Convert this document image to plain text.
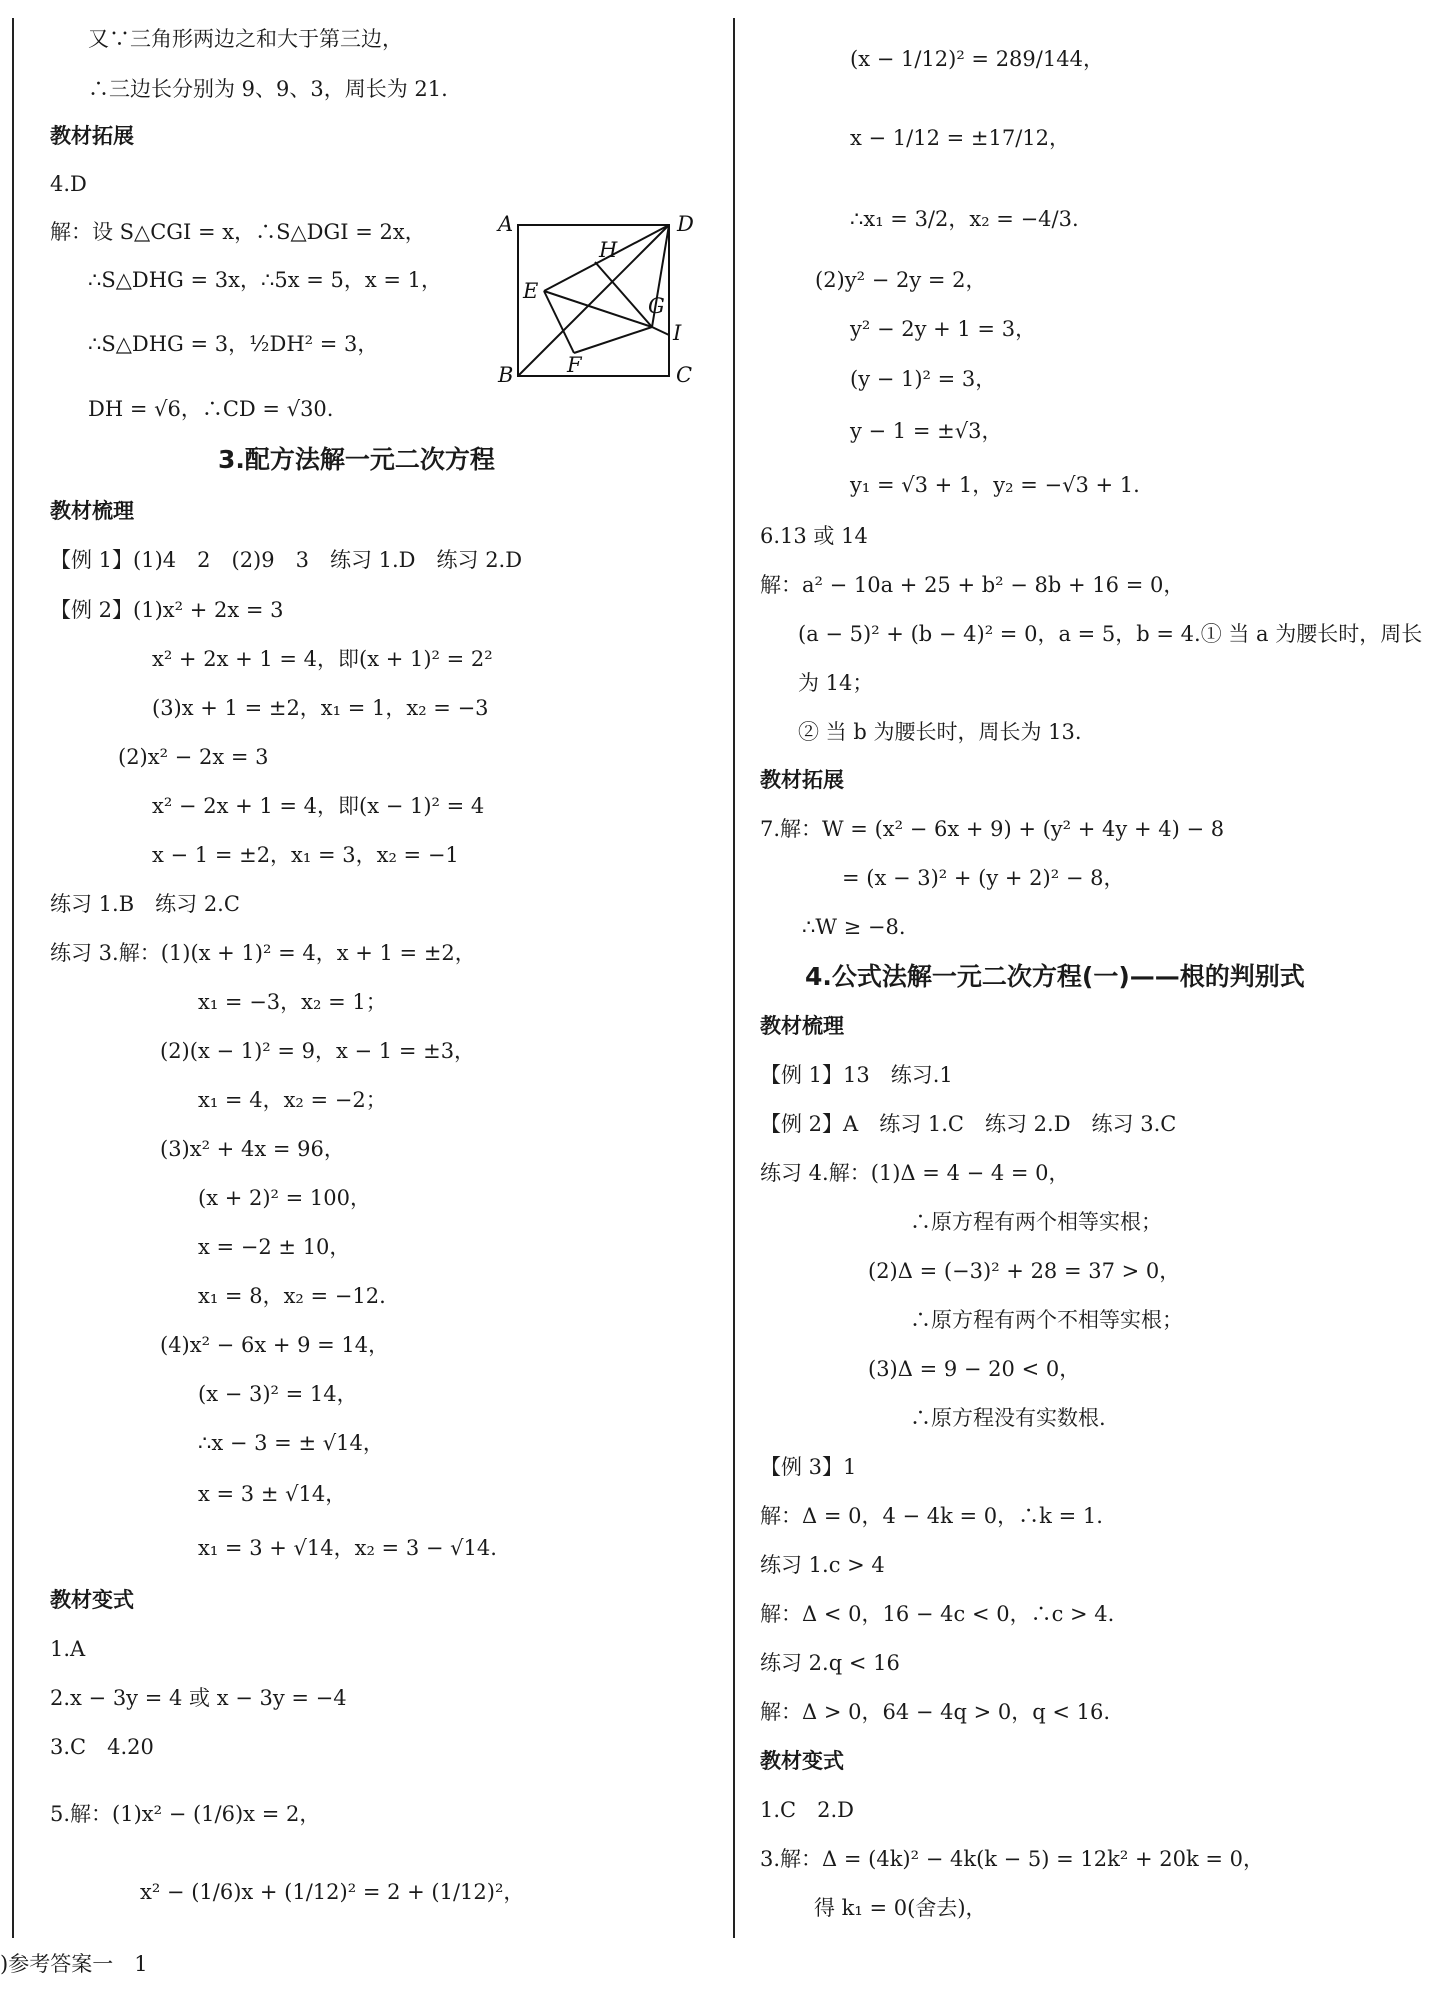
又∵三角形两边之和大于第三边，
∴三边长分别为 9、9、3，周长为 21.
教材拓展
4.D
解：设 S△CGI = x，∴S△DGI = 2x，
∴S△DHG = 3x，∴5x = 5，x = 1，
∴S△DHG = 3，½DH² = 3，
DH = √6，∴CD = √30.
A	D
H
E
G
I
B	F	C
3.配方法解一元二次方程
教材梳理
【例 1】(1)4　2　(2)9　3　练习 1.D　练习 2.D
【例 2】(1)x² + 2x = 3
x² + 2x + 1 = 4，即(x + 1)² = 2²
(3)x + 1 = ±2，x₁ = 1，x₂ = −3
(2)x² − 2x = 3
x² − 2x + 1 = 4，即(x − 1)² = 4
x − 1 = ±2，x₁ = 3，x₂ = −1
练习 1.B　练习 2.C
练习 3.解：(1)(x + 1)² = 4，x + 1 = ±2，
x₁ = −3，x₂ = 1；
(2)(x − 1)² = 9，x − 1 = ±3，
x₁ = 4，x₂ = −2；
(3)x² + 4x = 96，
(x + 2)² = 100，
x = −2 ± 10，
x₁ = 8，x₂ = −12.
(4)x² − 6x + 9 = 14，
(x − 3)² = 14，
∴x − 3 = ± √14，
x = 3 ± √14，
x₁ = 3 + √14，x₂ = 3 − √14.
教材变式
1.A
2.x − 3y = 4 或 x − 3y = −4
3.C　4.20
5.解：(1)x² − (1/6)x = 2，
x² − (1/6)x + (1/12)² = 2 + (1/12)²，
(x − 1/12)² = 289/144，
x − 1/12 = ±17/12，
∴x₁ = 3/2，x₂ = −4/3.
(2)y² − 2y = 2，
y² − 2y + 1 = 3，
(y − 1)² = 3，
y − 1 = ±√3，
y₁ = √3 + 1，y₂ = −√3 + 1.
6.13 或 14
解：a² − 10a + 25 + b² − 8b + 16 = 0，
(a − 5)² + (b − 4)² = 0，a = 5，b = 4.① 当 a 为腰长时，周长
为 14；
② 当 b 为腰长时，周长为 13.
教材拓展
7.解：W = (x² − 6x + 9) + (y² + 4y + 4) − 8
= (x − 3)² + (y + 2)² − 8，
∴W ≥ −8.
4.公式法解一元二次方程(一)——根的判别式
教材梳理
【例 1】13　练习.1
【例 2】A　练习 1.C　练习 2.D　练习 3.C
练习 4.解：(1)Δ = 4 − 4 = 0，
∴原方程有两个相等实根；
(2)Δ = (−3)² + 28 = 37 > 0，
∴原方程有两个不相等实根；
(3)Δ = 9 − 20 < 0，
∴原方程没有实数根.
【例 3】1
解：Δ = 0，4 − 4k = 0，∴k = 1.
练习 1.c > 4
解：Δ < 0，16 − 4c < 0，∴c > 4.
练习 2.q < 16
解：Δ > 0，64 − 4q > 0，q < 16.
教材变式
1.C　2.D
3.解：Δ = (4k)² − 4k(k − 5) = 12k² + 20k = 0，
得 k₁ = 0(舍去)，
)参考答案一　1
